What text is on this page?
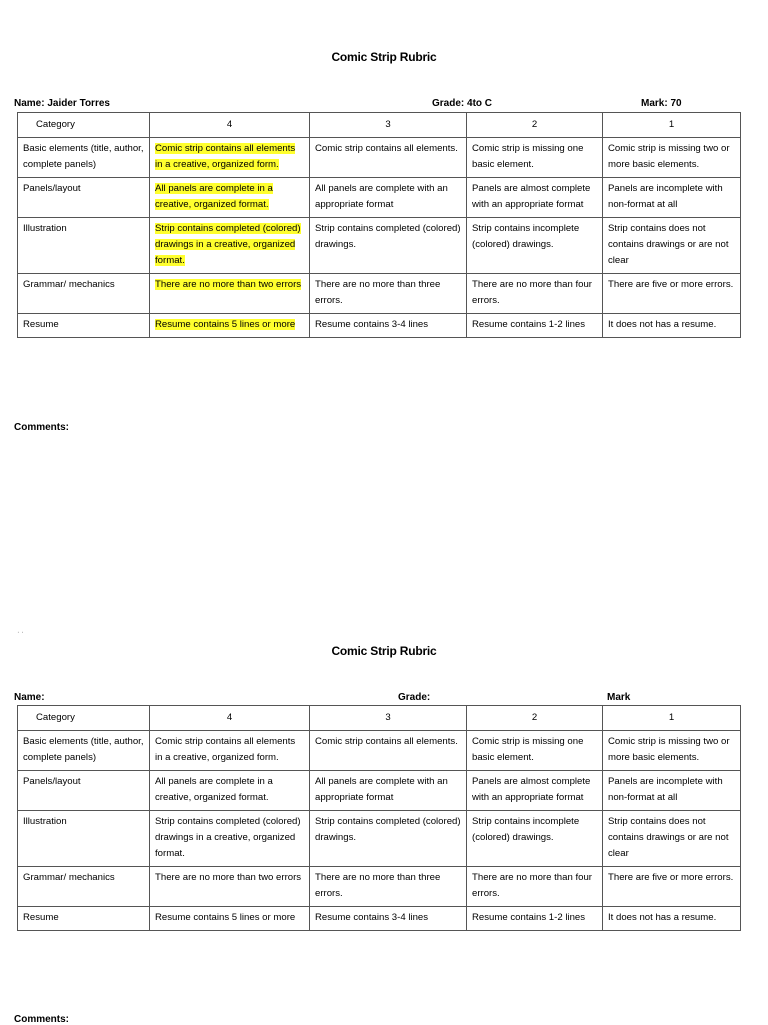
Comic Strip Rubric
Name: Jaider Torres	Grade: 4to C	Mark: 70
Category	4	3	2	1
Basic elements (title, author, complete panels)	Comic strip contains all elements in a creative, organized form.	Comic strip contains all elements.	Comic strip is missing one basic element.	Comic strip is missing two or more basic elements.
Panels/layout	All panels are complete in a creative, organized format.	All panels are complete with an appropriate format	Panels are almost complete with an appropriate format	Panels are incomplete with non-format at all
Illustration	Strip contains completed (colored) drawings in a creative, organized format.	Strip contains completed (colored) drawings.	Strip contains incomplete (colored) drawings.	Strip contains does not contains drawings or are not clear
Grammar/ mechanics	There are no more than two errors	There are no more than three errors.	There are no more than four errors.	There are five or more errors.
Resume	Resume contains 5 lines or more	Resume contains 3-4 lines	Resume contains 1-2 lines	It does not has a resume.
Comments:
ˈ ˈ
Comic Strip Rubric
Name:	Grade:	Mark
Category	4	3	2	1
Basic elements (title, author, complete panels)	Comic strip contains all elements in a creative, organized form.	Comic strip contains all elements.	Comic strip is missing one basic element.	Comic strip is missing two or more basic elements.
Panels/layout	All panels are complete in a creative, organized format.	All panels are complete with an appropriate format	Panels are almost complete with an appropriate format	Panels are incomplete with non-format at all
Illustration	Strip contains completed (colored) drawings in a creative, organized format.	Strip contains completed (colored) drawings.	Strip contains incomplete (colored) drawings.	Strip contains does not contains drawings or are not clear
Grammar/ mechanics	There are no more than two errors	There are no more than three errors.	There are no more than four errors.	There are five or more errors.
Resume	Resume contains 5 lines or more	Resume contains 3-4 lines	Resume contains 1-2 lines	It does not has a resume.
Comments:
